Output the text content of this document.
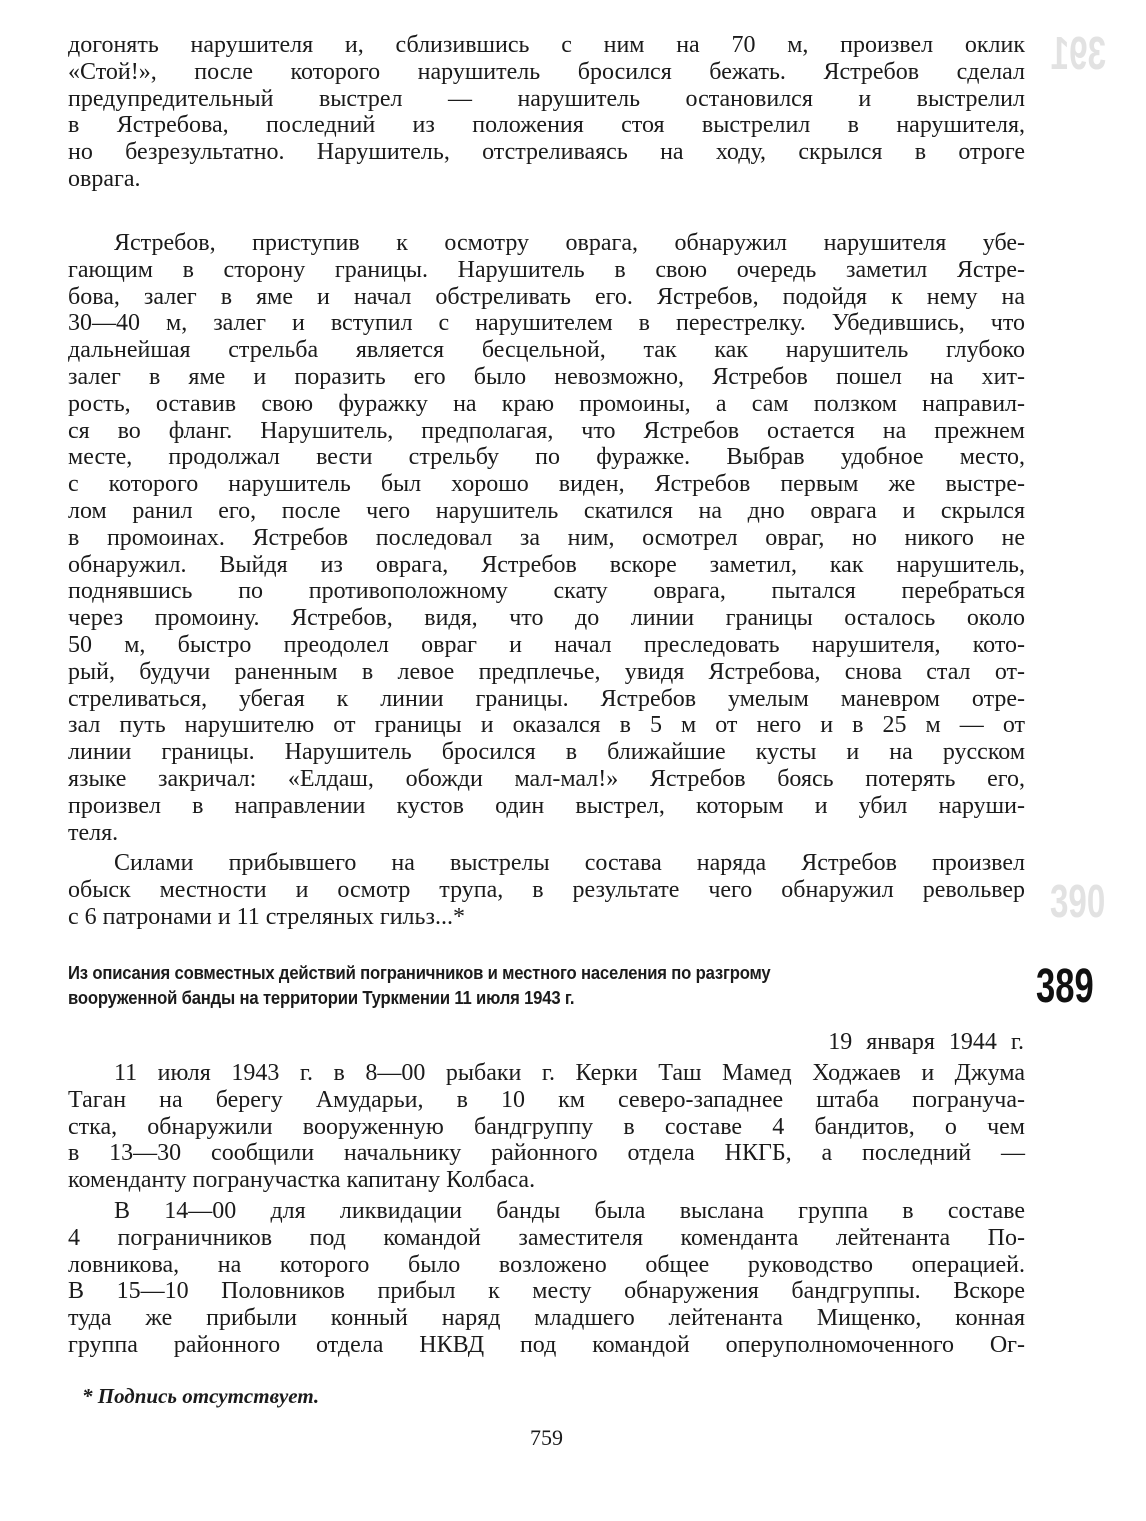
391
390
догонять нарушителя и, сблизившись с ним на 70 м, произвел оклик
«Стой!», после которого нарушитель бросился бежать. Ястребов сделал
предупредительный выстрел — нарушитель остановился и выстрелил
в Ястребова, последний из положения стоя выстрелил в нарушителя,
но безрезультатно. Нарушитель, отстреливаясь на ходу, скрылся в отроге
оврага.
Ястребов, приступив к осмотру оврага, обнаружил нарушителя убе-
гающим в сторону границы. Нарушитель в свою очередь заметил Ястре-
бова, залег в яме и начал обстреливать его. Ястребов, подойдя к нему на
30—40 м, залег и вступил с нарушителем в перестрелку. Убедившись, что
дальнейшая стрельба является бесцельной, так как нарушитель глубоко
залег в яме и поразить его было невозможно, Ястребов пошел на хит-
рость, оставив свою фуражку на краю промоины, а сам ползком направил-
ся во фланг. Нарушитель, предполагая, что Ястребов остается на прежнем
месте, продолжал вести стрельбу по фуражке. Выбрав удобное место,
с которого нарушитель был хорошо виден, Ястребов первым же выстре-
лом ранил его, после чего нарушитель скатился на дно оврага и скрылся
в промоинах. Ястребов последовал за ним, осмотрел овраг, но никого не
обнаружил. Выйдя из оврага, Ястребов вскоре заметил, как нарушитель,
поднявшись по противоположному скату оврага, пытался перебраться
через промоину. Ястребов, видя, что до линии границы осталось около
50 м, быстро преодолел овраг и начал преследовать нарушителя, кото-
рый, будучи раненным в левое предплечье, увидя Ястребова, снова стал от-
стреливаться, убегая к линии границы. Ястребов умелым маневром отре-
зал путь нарушителю от границы и оказался в 5 м от него и в 25 м — от
линии границы. Нарушитель бросился в ближайшие кусты и на русском
языке закричал: «Елдаш, обожди мал-мал!» Ястребов боясь потерять его,
произвел в направлении кустов один выстрел, которым и убил наруши-
теля.
Силами прибывшего на выстрелы состава наряда Ястребов произвел
обыск местности и осмотр трупа, в результате чего обнаружил револьвер
с 6 патронами и 11 стреляных гильз...*
Из описания совместных действий пограничников и местного населения по разгрому
вооруженной банды на территории Туркмении 11 июля 1943 г.	389
19 января 1944 г.
11 июля 1943 г. в 8—00 рыбаки г. Керки Таш Мамед Ходжаев и Джума
Таган на берегу Амударьи, в 10 км северо-западнее штаба погрануча-
стка, обнаружили вооруженную бандгруппу в составе 4 бандитов, о чем
в 13—30 сообщили начальнику районного отдела НКГБ, а последний —
коменданту погранучастка капитану Колбаса.
В 14—00 для ликвидации банды была выслана группа в составе
4 пограничников под командой заместителя коменданта лейтенанта По-
ловникова, на которого было возложено общее руководство операцией.
В 15—10 Половников прибыл к месту обнаружения бандгруппы. Вскоре
туда же прибыли конный наряд младшего лейтенанта Мищенко, конная
группа районного отдела НКВД под командой оперуполномоченного Ог-
* Подпись отсутствует.
759
